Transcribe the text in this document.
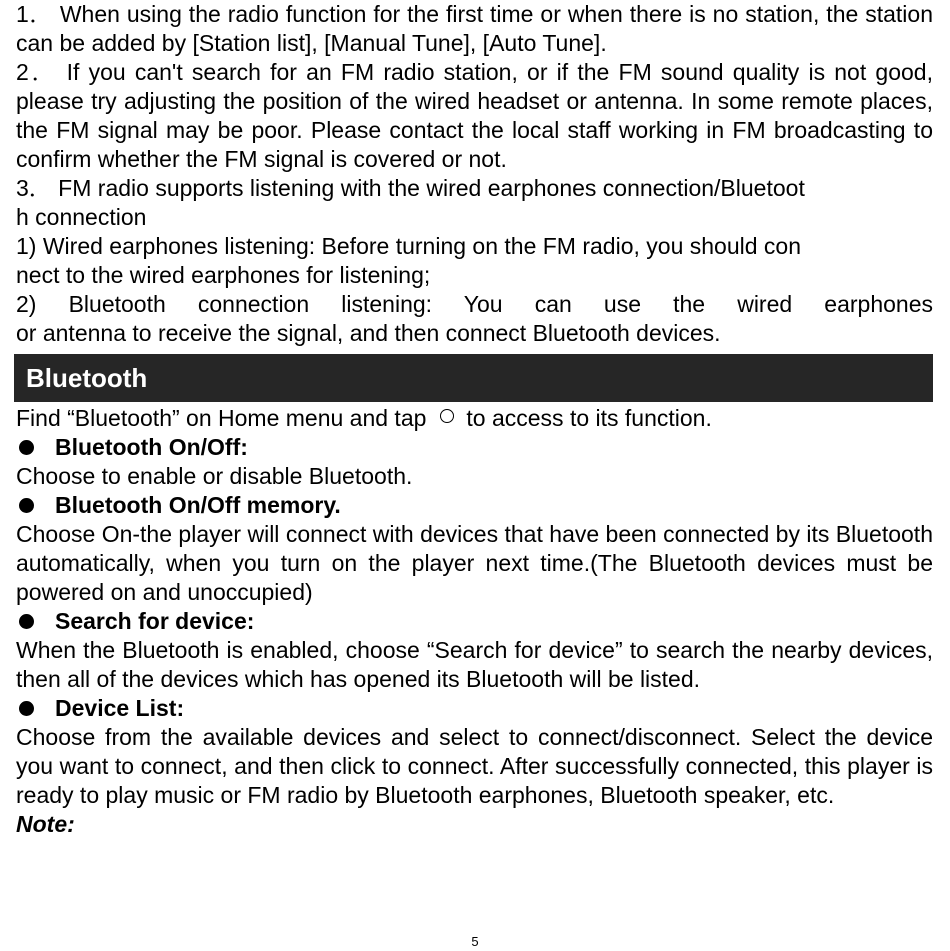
1． When using the radio function for the first time or when there is no station, the station can be added by [Station list], [Manual Tune], [Auto Tune].

2． If you can't search for an FM radio station, or if the FM sound quality is not good, please try adjusting the position of the wired headset or antenna. In some remote places, the FM signal may be poor. Please contact the local staff working in FM broadcasting to confirm whether the FM signal is covered or not.

3． FM radio supports listening with the wired earphones connection/Bluetoot

h connection

1) Wired earphones listening: Before turning on the FM radio, you should con

nect to the wired earphones for listening;

2) Bluetooth connection listening: You can use the wired earphones

or antenna to receive the signal, and then connect Bluetooth devices.

Bluetooth

Find “Bluetooth” on Home menu and tap to access to its function.

Bluetooth On/Off:

Choose to enable or disable Bluetooth.

Bluetooth On/Off memory.

Choose On-the player will connect with devices that have been connected by its Bluetooth automatically, when you turn on the player next time.(The Bluetooth devices must be powered on and unoccupied)

Search for device:

When the Bluetooth is enabled, choose “Search for device” to search the nearby devices, then all of the devices which has opened its Bluetooth will be listed.

Device List:

Choose from the available devices and select to connect/disconnect. Select the device you want to connect, and then click to connect. After successfully connected, this player is ready to play music or FM radio by Bluetooth earphones, Bluetooth speaker, etc.

Note:
5
